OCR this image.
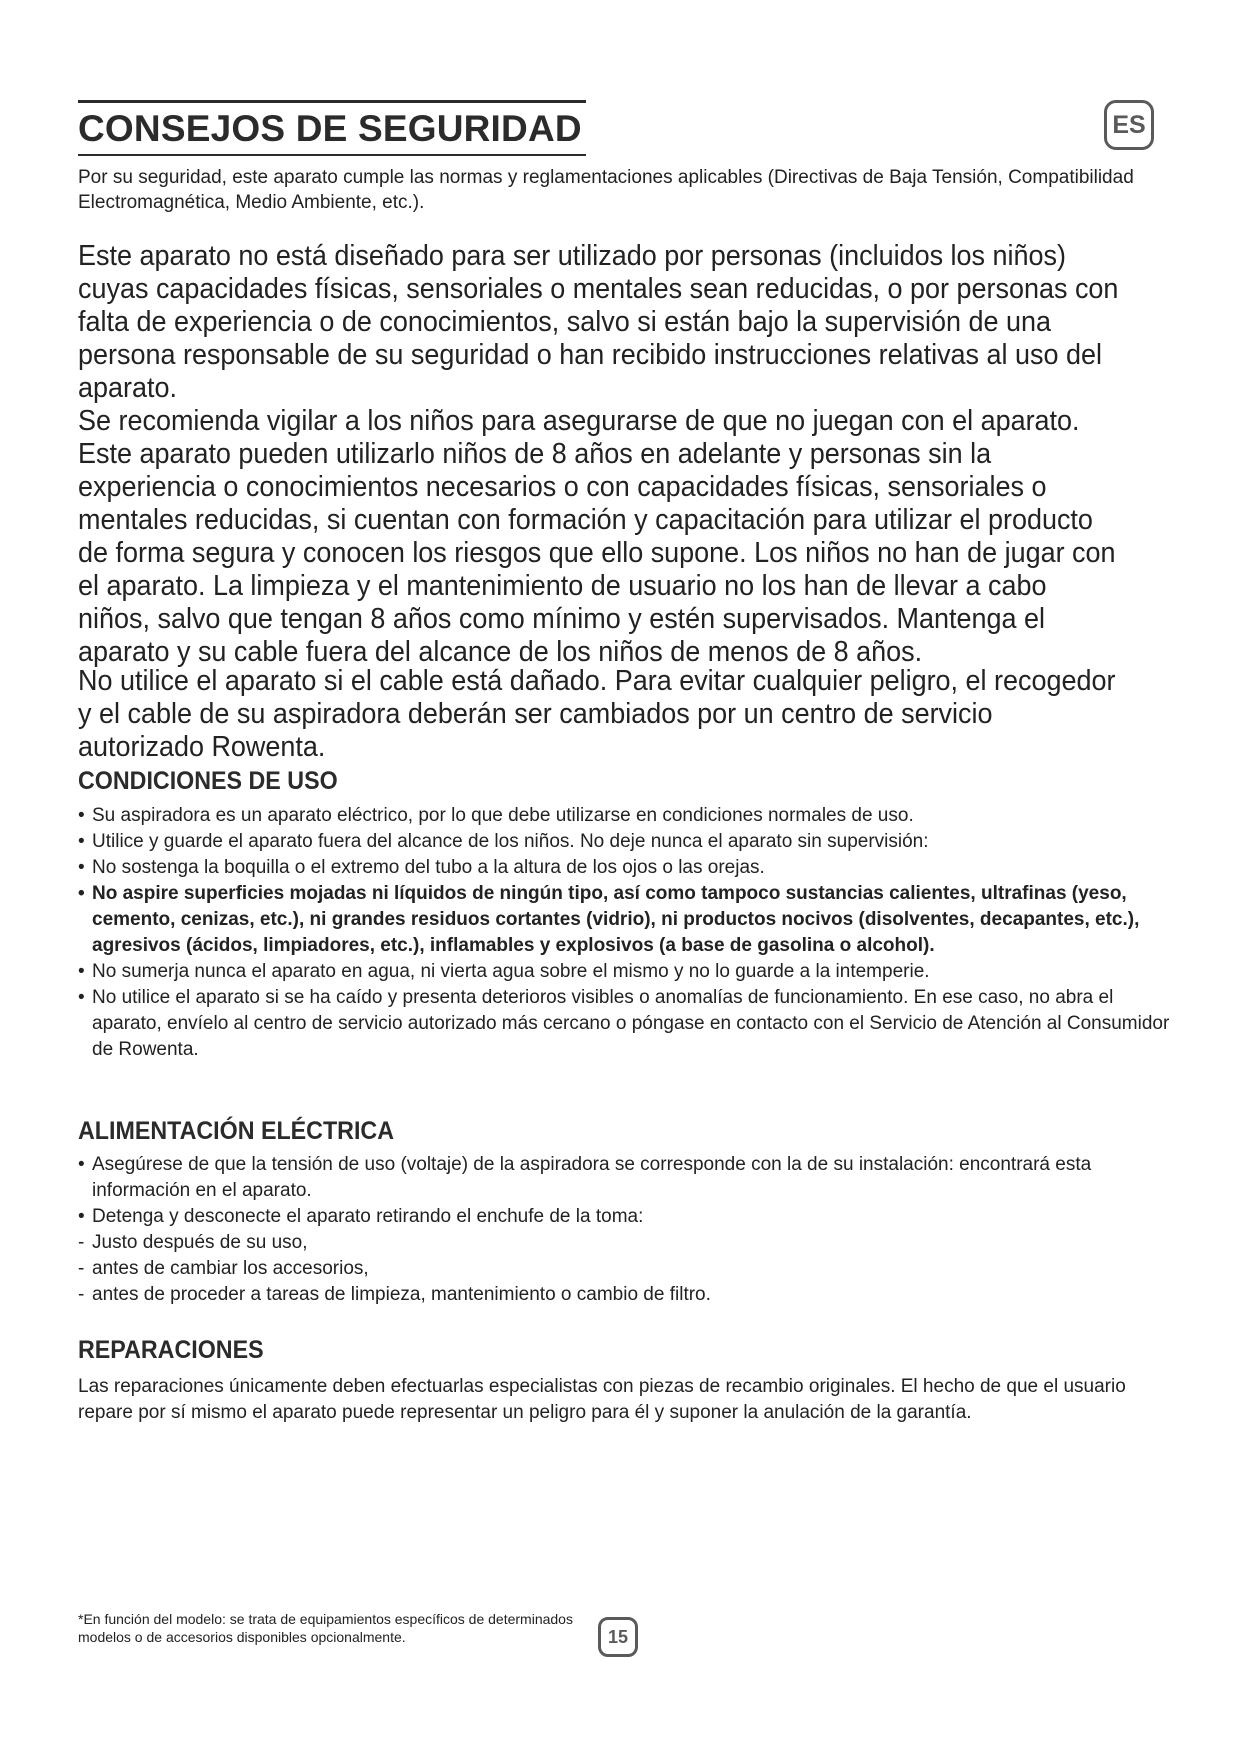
CONSEJOS DE SEGURIDAD	ES
Por su seguridad, este aparato cumple las normas y reglamentaciones aplicables (Directivas de Baja Tensión, Compatibilidad Electromagnética, Medio Ambiente, etc.).

Este aparato no está diseñado para ser utilizado por personas (incluidos los niños) cuyas capacidades físicas, sensoriales o mentales sean reducidas, o por personas con falta de experiencia o de conocimientos, salvo si están bajo la supervisión de una persona responsable de su seguridad o han recibido instrucciones relativas al uso del aparato.

Se recomienda vigilar a los niños para asegurarse de que no juegan con el aparato.

Este aparato pueden utilizarlo niños de 8 años en adelante y personas sin la experiencia o conocimientos necesarios o con capacidades físicas, sensoriales o mentales reducidas, si cuentan con formación y capacitación para utilizar el producto de forma segura y conocen los riesgos que ello supone. Los niños no han de jugar con el aparato. La limpieza y el mantenimiento de usuario no los han de llevar a cabo niños, salvo que tengan 8 años como mínimo y estén supervisados. Mantenga el aparato y su cable fuera del alcance de los niños de menos de 8 años.

No utilice el aparato si el cable está dañado. Para evitar cualquier peligro, el recogedor y el cable de su aspiradora deberán ser cambiados por un centro de servicio autorizado Rowenta.

CONDICIONES DE USO
• Su aspiradora es un aparato eléctrico, por lo que debe utilizarse en condiciones normales de uso.
• Utilice y guarde el aparato fuera del alcance de los niños. No deje nunca el aparato sin supervisión:
• No sostenga la boquilla o el extremo del tubo a la altura de los ojos o las orejas.
• No aspire superficies mojadas ni líquidos de ningún tipo, así como tampoco sustancias calientes, ultrafinas (yeso, cemento, cenizas, etc.), ni grandes residuos cortantes (vidrio), ni productos nocivos (disolventes, decapantes, etc.), agresivos (ácidos, limpiadores, etc.), inflamables y explosivos (a base de gasolina o alcohol).
• No sumerja nunca el aparato en agua, ni vierta agua sobre el mismo y no lo guarde a la intemperie.
• No utilice el aparato si se ha caído y presenta deterioros visibles o anomalías de funcionamiento. En ese caso, no abra el aparato, envíelo al centro de servicio autorizado más cercano o póngase en contacto con el Servicio de Atención al Consumidor de Rowenta.
ALIMENTACIÓN ELÉCTRICA
• Asegúrese de que la tensión de uso (voltaje) de la aspiradora se corresponde con la de su instalación: encontrará esta información en el aparato.
• Detenga y desconecte el aparato retirando el enchufe de la toma:
- Justo después de su uso,
- antes de cambiar los accesorios,
- antes de proceder a tareas de limpieza, mantenimiento o cambio de filtro.
REPARACIONES
Las reparaciones únicamente deben efectuarlas especialistas con piezas de recambio originales. El hecho de que el usuario repare por sí mismo el aparato puede representar un peligro para él y suponer la anulación de la garantía.
*En función del modelo: se trata de equipamientos específicos de determinados modelos o de accesorios disponibles opcionalmente.	15
